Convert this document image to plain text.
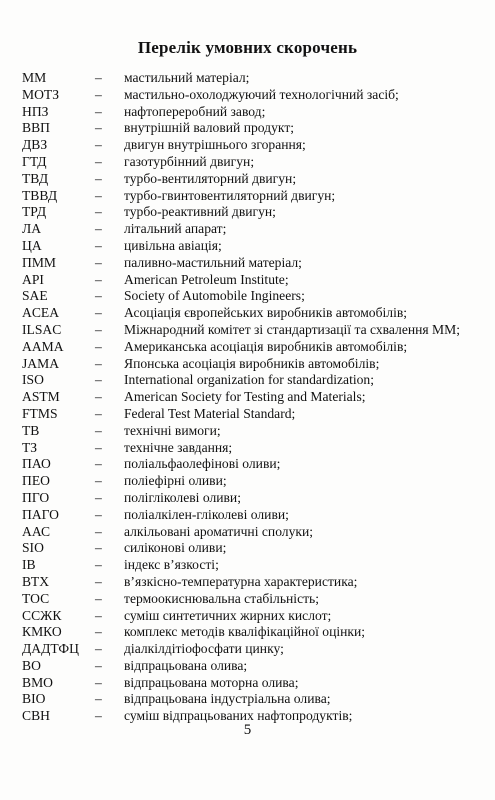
Перелік умовних скорочень
ММ	– мастильний матеріал;
МОТЗ	– мастильно-охолоджуючий технологічний засіб;
НПЗ	– нафтопереробний завод;
ВВП	– внутрішній валовий продукт;
ДВЗ	– двигун внутрішнього згорання;
ГТД	– газотурбінний двигун;
ТВД	– турбо-вентиляторний двигун;
ТВВД	– турбо-гвинтовентиляторний двигун;
ТРД	– турбо-реактивний двигун;
ЛА	– літальний апарат;
ЦА	– цивільна авіація;
ПММ	– паливно-мастильний матеріал;
API	– American Petroleum Institute;
SAE	– Society of Automobile Ingineers;
ACEA	– Асоціація європейських виробників автомобілів;
ILSAC – Міжнародний комітет зі стандартизації та схвалення ММ;
AAMA – Американська асоціація виробників автомобілів;
JAMA	– Японська асоціація виробників автомобілів;
ISO	– International organization for standardization;
ASTM	– American Society for Testing and Materials;
FTMS	– Federal Test Material Standard;
ТВ	– технічні вимоги;
ТЗ	– технічне завдання;
ПАО	– поліальфаолефінові оливи;
ПЕО	– поліефірні оливи;
ПГО	– полігліколеві оливи;
ПАГО	– поліалкілен-гліколеві оливи;
ААС	– алкільовані ароматичні сполуки;
SIO	– силіконові оливи;
ІВ	– індекс в’язкості;
ВТХ	– в’язкісно-температурна характеристика;
ТОС	– термоокиснювальна стабільність;
ССЖК – суміш синтетичних жирних кислот;
КМКО – комплекс методів кваліфікаційної оцінки;
ДАДТФЦ – діалкілдітіофосфати цинку;
ВО	– відпрацьована олива;
ВМО	– відпрацьована моторна олива;
ВІО	– відпрацьована індустріальна олива;
СВН	– суміш відпрацьованих нафтопродуктів;
5
